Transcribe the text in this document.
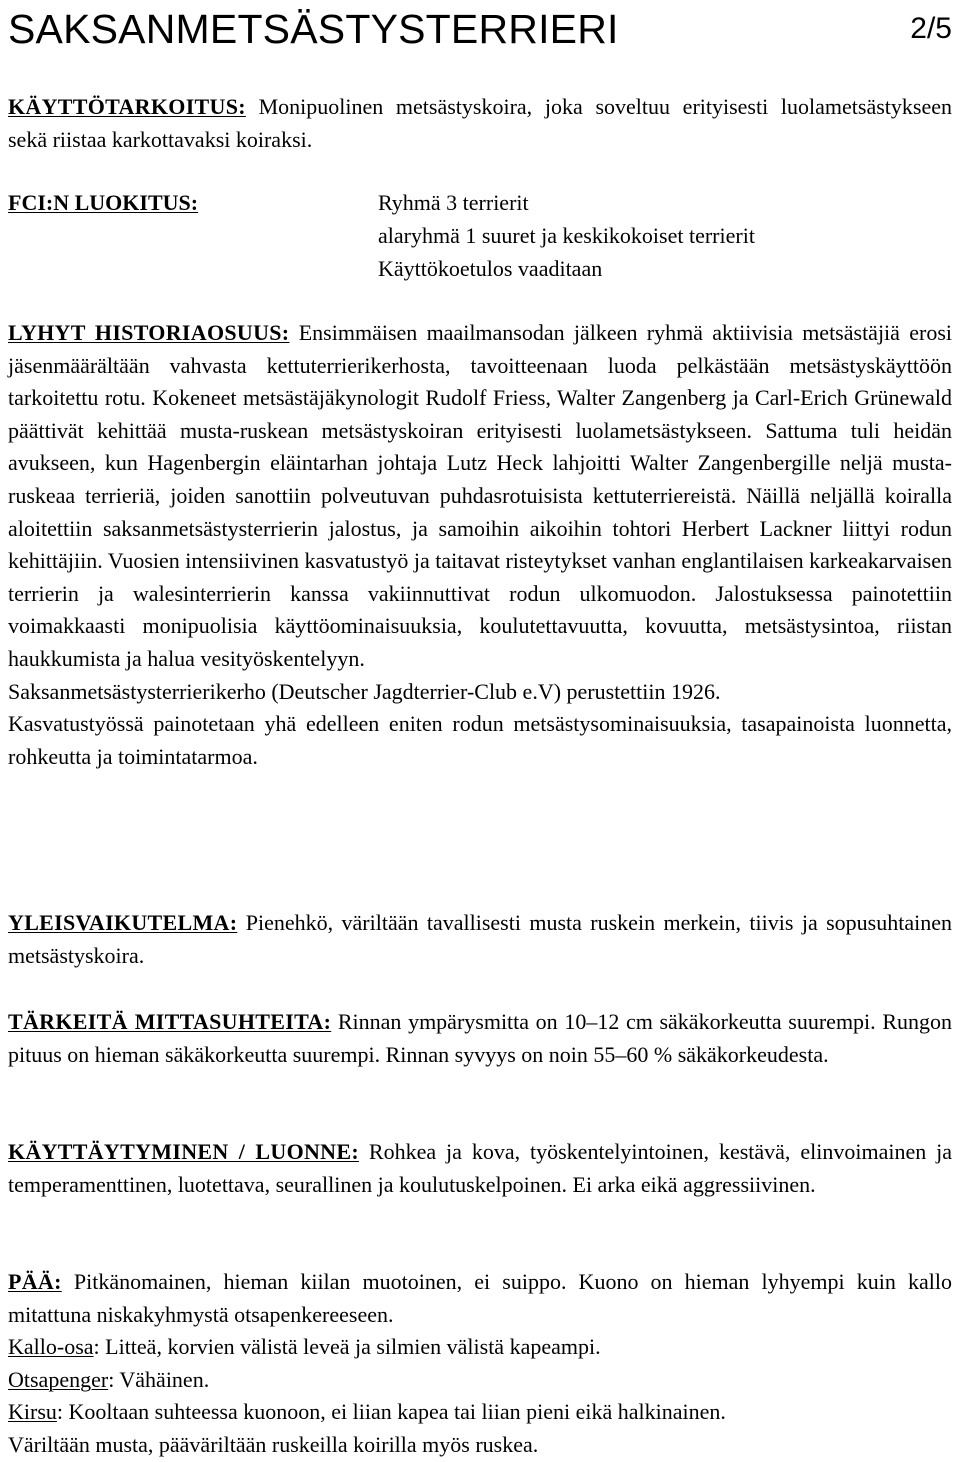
SAKSANMETSÄSTYSTERRIERI	2/5
KÄYTTÖTARKOITUS: Monipuolinen metsästyskoira, joka soveltuu erityisesti luolametsästykseen sekä riistaa karkottavaksi koiraksi.
FCI:N LUOKITUS:	Ryhmä 3 terrierit
alaryhmä 1 suuret ja keskikokoiset terrierit
Käyttökoetulos vaaditaan
LYHYT HISTORIAOSUUS: Ensimmäisen maailmansodan jälkeen ryhmä aktiivisia metsästäjiä erosi jäsenmäärältään vahvasta kettuterrierikerhosta, tavoitteenaan luoda pelkästään metsästyskäyttöön tarkoitettu rotu. Kokeneet metsästäjäkynologit Rudolf Friess, Walter Zangenberg ja Carl-Erich Grünewald päättivät kehittää musta-ruskean metsästyskoiran erityisesti luolametsästykseen. Sattuma tuli heidän avukseen, kun Hagenbergin eläintarhan johtaja Lutz Heck lahjoitti Walter Zangenbergille neljä musta-ruskeaa terrieriä, joiden sanottiin polveutuvan puhdasrotuisista kettuterriereistä. Näillä neljällä koiralla aloitettiin saksanmetsästysterrierin jalostus, ja samoihin aikoihin tohtori Herbert Lackner liittyi rodun kehittäjiin. Vuosien intensiivinen kasvatustyö ja taitavat risteytykset vanhan englantilaisen karkeakarvaisen terrierin ja walesinterrierin kanssa vakiinnuttivat rodun ulkomuodon. Jalostuksessa painotettiin voimakkaasti monipuolisia käyttöominaisuuksia, koulutettavuutta, kovuutta, metsästysintoa, riistan haukkumista ja halua vesityöskentelyyn.
Saksanmetsästysterrierikerho (Deutscher Jagdterrier-Club e.V) perustettiin 1926.
Kasvatustyössä painotetaan yhä edelleen eniten rodun metsästysominaisuuksia, tasapainoista luonnetta, rohkeutta ja toimintatarmoa.
YLEISVAIKUTELMA: Pienehkö, väriltään tavallisesti musta ruskein merkein, tiivis ja sopusuhtainen metsästyskoira.
TÄRKEITÄ MITTASUHTEITA: Rinnan ympärysmitta on 10–12 cm säkäkorkeutta suurempi. Rungon pituus on hieman säkäkorkeutta suurempi. Rinnan syvyys on noin 55–60 % säkäkorkeudesta.
KÄYTTÄYTYMINEN / LUONNE: Rohkea ja kova, työskentelyintoinen, kestävä, elinvoimainen ja temperamenttinen, luotettava, seurallinen ja koulutuskelpoinen. Ei arka eikä aggressiivinen.
PÄÄ: Pitkänomainen, hieman kiilan muotoinen, ei suippo. Kuono on hieman lyhyempi kuin kallo mitattuna niskakyhmystä otsapenkereeseen.
Kallo-osa: Litteä, korvien välistä leveä ja silmien välistä kapeampi.
Otsapenger: Vähäinen.
Kirsu: Kooltaan suhteessa kuonoon, ei liian kapea tai liian pieni eikä halkinainen.
Väriltään musta, pääväriltään ruskeilla koirilla myös ruskea.
